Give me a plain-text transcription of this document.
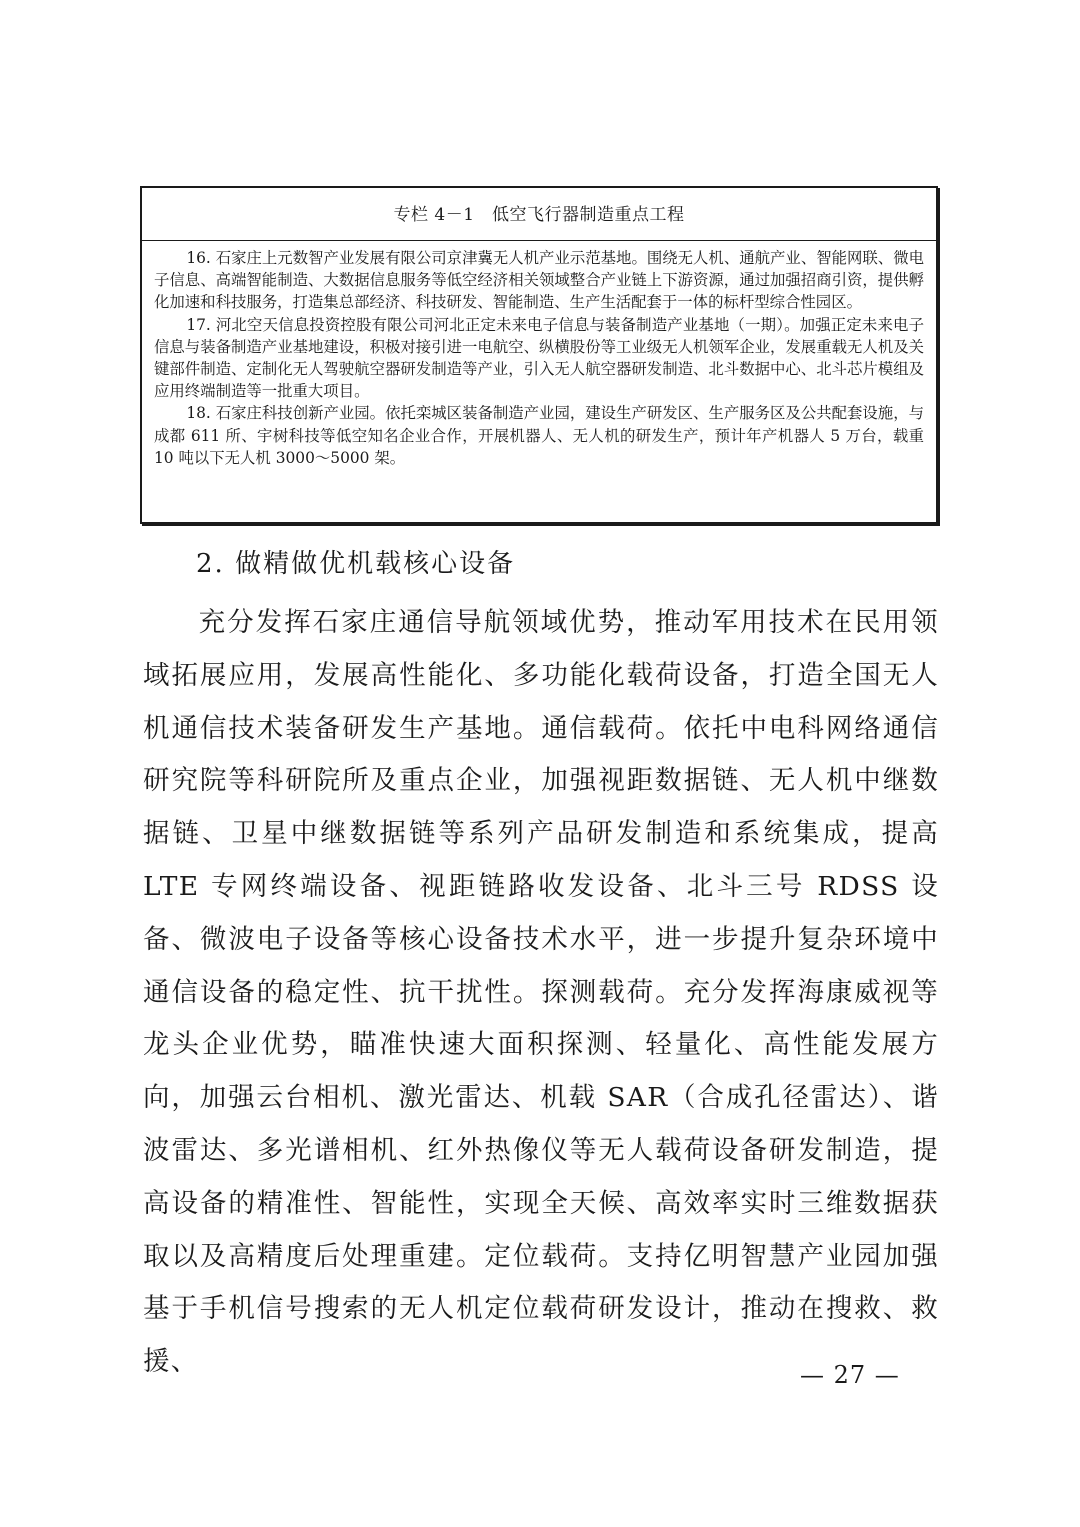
专栏 4－1　低空飞行器制造重点工程

16. 石家庄上元数智产业发展有限公司京津冀无人机产业示范基地。围绕无人机、通航产业、智能网联、微电子信息、高端智能制造、大数据信息服务等低空经济相关领域整合产业链上下游资源，通过加强招商引资，提供孵化加速和科技服务，打造集总部经济、科技研发、智能制造、生产生活配套于一体的标杆型综合性园区。

17. 河北空天信息投资控股有限公司河北正定未来电子信息与装备制造产业基地（一期）。加强正定未来电子信息与装备制造产业基地建设，积极对接引进一电航空、纵横股份等工业级无人机领军企业，发展重载无人机及关键部件制造、定制化无人驾驶航空器研发制造等产业，引入无人航空器研发制造、北斗数据中心、北斗芯片模组及应用终端制造等一批重大项目。

18. 石家庄科技创新产业园。依托栾城区装备制造产业园，建设生产研发区、生产服务区及公共配套设施，与成都 611 所、宇树科技等低空知名企业合作，开展机器人、无人机的研发生产，预计年产机器人 5 万台，载重 10 吨以下无人机 3000～5000 架。

2. 做精做优机载核心设备

充分发挥石家庄通信导航领域优势，推动军用技术在民用领域拓展应用，发展高性能化、多功能化载荷设备，打造全国无人机通信技术装备研发生产基地。通信载荷。依托中电科网络通信研究院等科研院所及重点企业，加强视距数据链、无人机中继数据链、卫星中继数据链等系列产品研发制造和系统集成，提高 LTE 专网终端设备、视距链路收发设备、北斗三号 RDSS 设备、微波电子设备等核心设备技术水平，进一步提升复杂环境中通信设备的稳定性、抗干扰性。探测载荷。充分发挥海康威视等龙头企业优势，瞄准快速大面积探测、轻量化、高性能发展方向，加强云台相机、激光雷达、机载 SAR（合成孔径雷达）、谐波雷达、多光谱相机、红外热像仪等无人载荷设备研发制造，提高设备的精准性、智能性，实现全天候、高效率实时三维数据获取以及高精度后处理重建。定位载荷。支持亿明智慧产业园加强基于手机信号搜索的无人机定位载荷研发设计，推动在搜救、救援、	— 27 —
